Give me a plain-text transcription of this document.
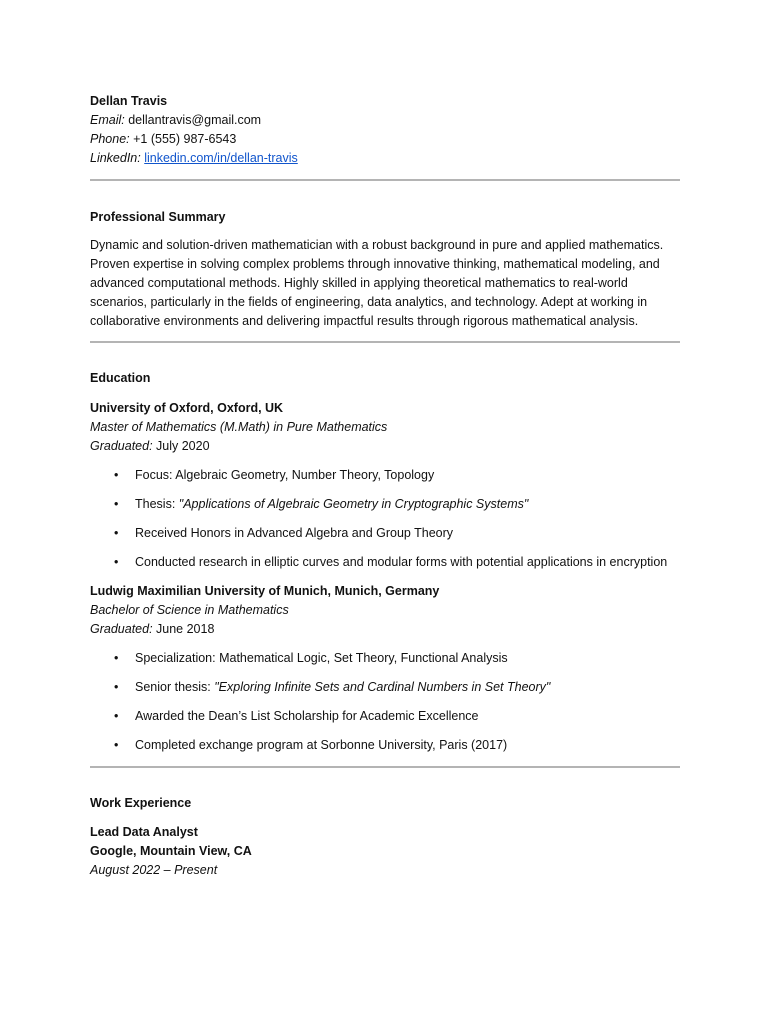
Dellan Travis
Email: dellantravis@gmail.com
Phone: +1 (555) 987-6543
LinkedIn: linkedin.com/in/dellan-travis
Professional Summary
Dynamic and solution-driven mathematician with a robust background in pure and applied mathematics. Proven expertise in solving complex problems through innovative thinking, mathematical modeling, and advanced computational methods. Highly skilled in applying theoretical mathematics to real-world scenarios, particularly in the fields of engineering, data analytics, and technology. Adept at working in collaborative environments and delivering impactful results through rigorous mathematical analysis.
Education
University of Oxford, Oxford, UK
Master of Mathematics (M.Math) in Pure Mathematics
Graduated: July 2020
• Focus: Algebraic Geometry, Number Theory, Topology
• Thesis: "Applications of Algebraic Geometry in Cryptographic Systems"
• Received Honors in Advanced Algebra and Group Theory
• Conducted research in elliptic curves and modular forms with potential applications in encryption
Ludwig Maximilian University of Munich, Munich, Germany
Bachelor of Science in Mathematics
Graduated: June 2018
• Specialization: Mathematical Logic, Set Theory, Functional Analysis
• Senior thesis: "Exploring Infinite Sets and Cardinal Numbers in Set Theory"
• Awarded the Dean’s List Scholarship for Academic Excellence
• Completed exchange program at Sorbonne University, Paris (2017)
Work Experience
Lead Data Analyst
Google, Mountain View, CA
August 2022 – Present
